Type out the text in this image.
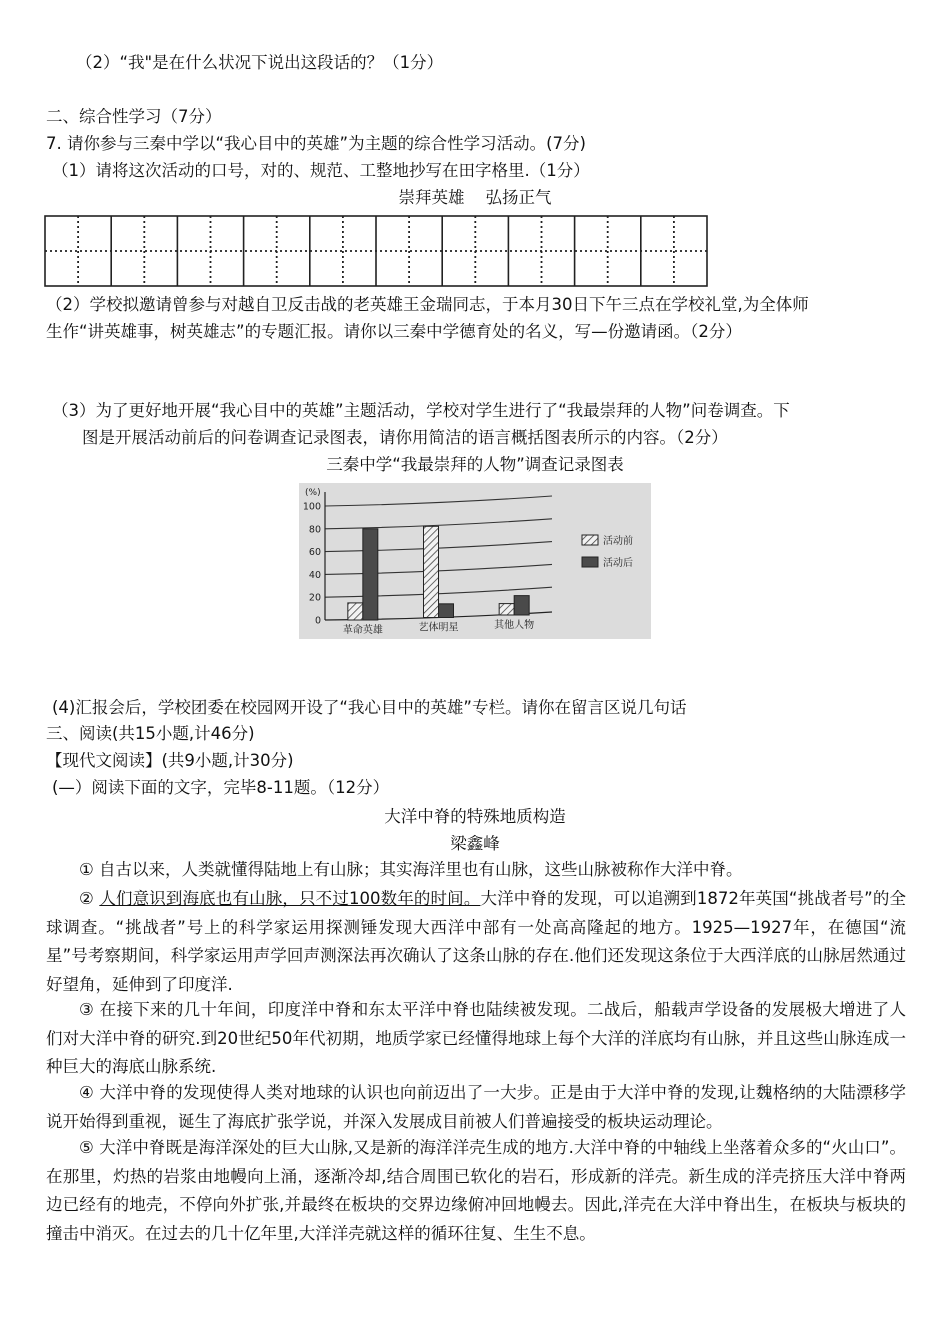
（2）“我"是在什么状况下说出这段话的？（1分）
二、综合性学习（7分）
7. 请你参与三秦中学以“我心目中的英雄”为主题的综合性学习活动。(7分)
（1）请将这次活动的口号，对的、规范、工整地抄写在田字格里.（1分）
崇拜英雄    弘扬正气
（2）学校拟邀请曾参与对越自卫反击战的老英雄王金瑞同志，于本月30日下午三点在学校礼堂,为全体师
生作“讲英雄事，树英雄志”的专题汇报。请你以三秦中学德育处的名义，写—份邀请函。（2分）
（3）为了更好地开展“我心目中的英雄”主题活动，学校对学生进行了“我最崇拜的人物”问卷调查。下
图是开展活动前后的问卷调查记录图表，请你用简洁的语言概括图表所示的内容。（2分）
三秦中学“我最崇拜的人物”调查记录图表
0
20
40
60
80
100
(%)
革命英雄	艺体明星	其他人物
活动前
活动后
(4)汇报会后，学校团委在校园网开设了“我心目中的英雄”专栏。请你在留言区说几句话
三、阅读(共15小题,计46分)
【现代文阅读】(共9小题,计30分)
(—）阅读下面的文字，完毕8-11题。（12分）
大洋中脊的特殊地质构造
梁鑫峰
① 自古以来，人类就懂得陆地上有山脉；其实海洋里也有山脉，这些山脉被称作大洋中脊。
② 人们意识到海底也有山脉，只不过100数年的时间。大洋中脊的发现，可以追溯到1872年英国“挑战者号”的全球调查。“挑战者”号上的科学家运用探测锤发现大西洋中部有一处高高隆起的地方。1925—1927年，在德国“流星”号考察期间，科学家运用声学回声测深法再次确认了这条山脉的存在.他们还发现这条位于大西洋底的山脉居然通过好望角，延伸到了印度洋.
③ 在接下来的几十年间，印度洋中脊和东太平洋中脊也陆续被发现。二战后，船载声学设备的发展极大增进了人们对大洋中脊的研究.到20世纪50年代初期，地质学家已经懂得地球上每个大洋的洋底均有山脉，并且这些山脉连成一种巨大的海底山脉系统.
④ 大洋中脊的发现使得人类对地球的认识也向前迈出了一大步。正是由于大洋中脊的发现,让魏格纳的大陆漂移学说开始得到重视，诞生了海底扩张学说，并深入发展成目前被人们普遍接受的板块运动理论。
⑤ 大洋中脊既是海洋深处的巨大山脉,又是新的海洋洋壳生成的地方.大洋中脊的中轴线上坐落着众多的“火山口”。在那里，灼热的岩浆由地幔向上涌，逐渐冷却,结合周围已软化的岩石，形成新的洋壳。新生成的洋壳挤压大洋中脊两边已经有的地壳，不停向外扩张,并最终在板块的交界边缘俯冲回地幔去。因此,洋壳在大洋中脊出生，在板块与板块的撞击中消灭。在过去的几十亿年里,大洋洋壳就这样的循环往复、生生不息。
